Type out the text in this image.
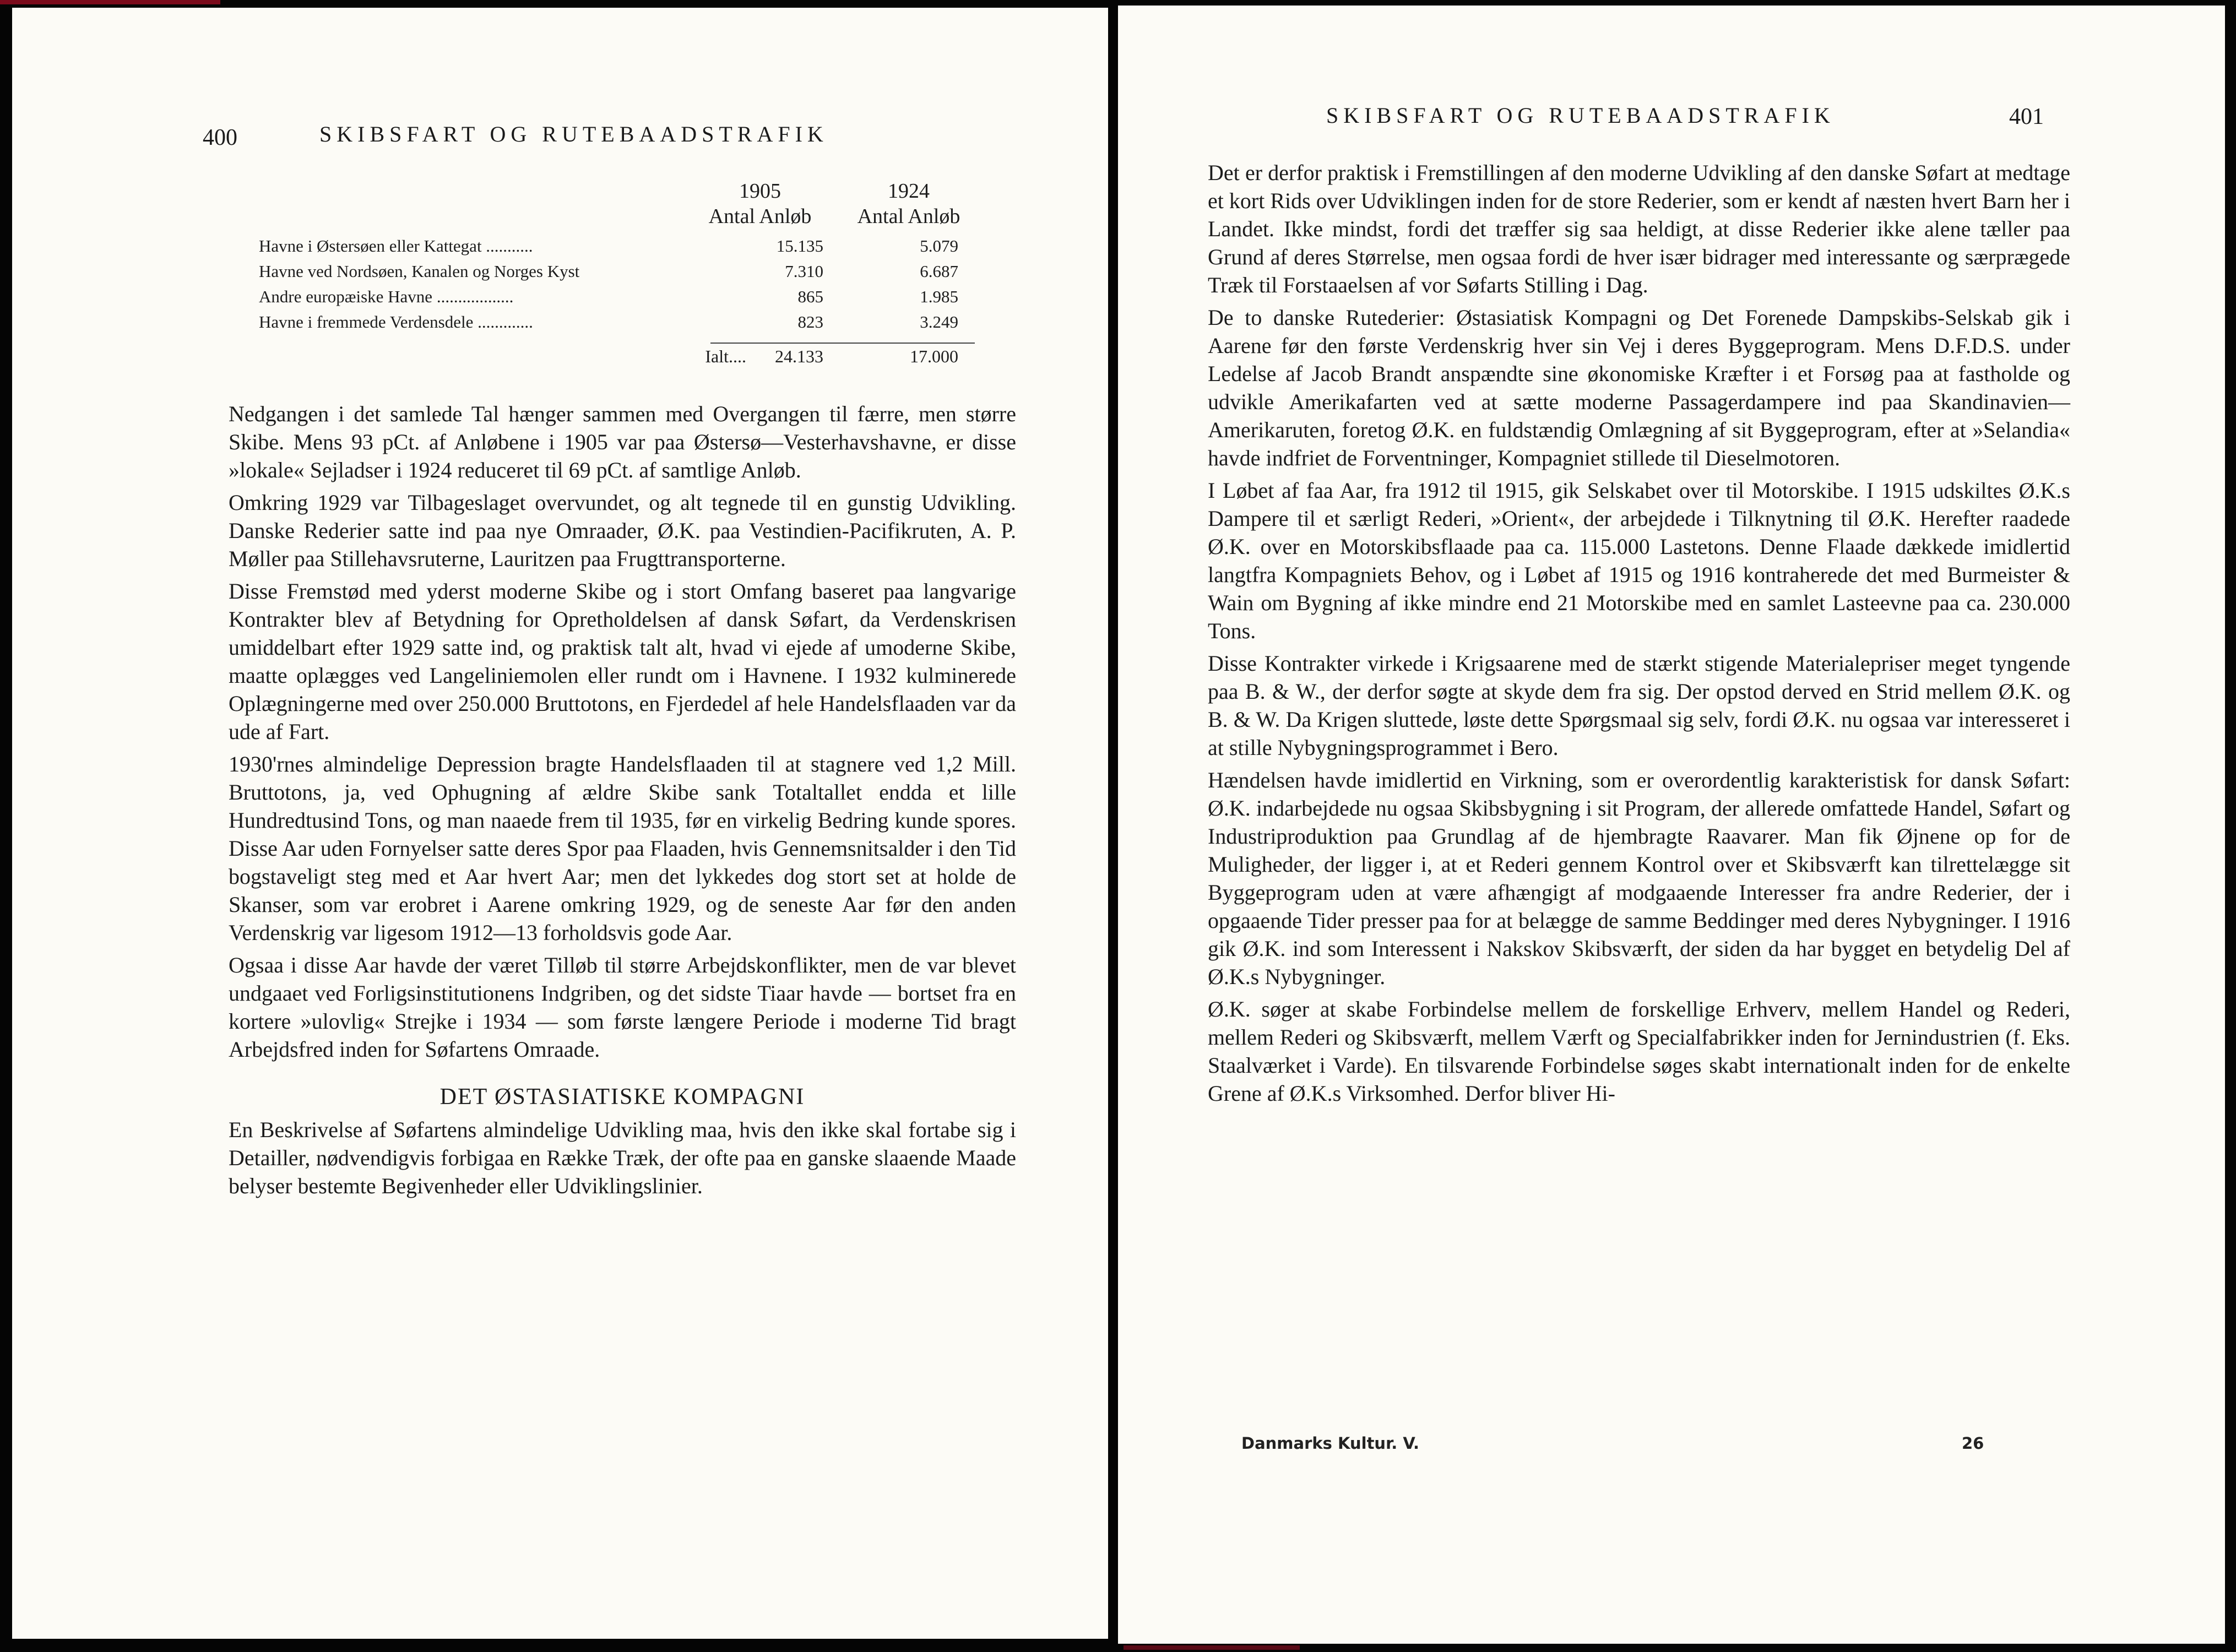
400	SKIBSFART OG RUTEBAADSTRAFIK
1905
Antal Anløb
1924
Antal Anløb
Havne i Østersøen eller Kattegat ...........	15.135	5.079
Havne ved Nordsøen, Kanalen og Norges Kyst	7.310	6.687
Andre europæiske Havne ..................	865	1.985
Havne i fremmede Verdensdele .............	823	3.249
Ialt.... 24.133	17.000

Nedgangen i det samlede Tal hænger sammen med Overgangen til færre, men større Skibe. Mens 93 pCt. af Anløbene i 1905 var paa Østersø—Vesterhavshavne, er disse »lokale« Sejladser i 1924 reduceret til 69 pCt. af samtlige Anløb.

Omkring 1929 var Tilbageslaget overvundet, og alt tegnede til en gunstig Udvikling. Danske Rederier satte ind paa nye Omraader, Ø.K. paa Vestindien-Pacifikruten, A. P. Møller paa Stillehavsruterne, Lauritzen paa Frugttransporterne.

Disse Fremstød med yderst moderne Skibe og i stort Omfang baseret paa langvarige Kontrakter blev af Betydning for Opretholdelsen af dansk Søfart, da Verdenskrisen umiddelbart efter 1929 satte ind, og praktisk talt alt, hvad vi ejede af umoderne Skibe, maatte oplægges ved Langeliniemolen eller rundt om i Havnene. I 1932 kulminerede Oplægningerne med over 250.000 Bruttotons, en Fjerdedel af hele Handelsflaaden var da ude af Fart.

1930'rnes almindelige Depression bragte Handelsflaaden til at stagnere ved 1,2 Mill. Bruttotons, ja, ved Ophugning af ældre Skibe sank Totaltallet endda et lille Hundredtusind Tons, og man naaede frem til 1935, før en virkelig Bedring kunde spores. Disse Aar uden Fornyelser satte deres Spor paa Flaaden, hvis Gennemsnitsalder i den Tid bogstaveligt steg med et Aar hvert Aar; men det lykkedes dog stort set at holde de Skanser, som var erobret i Aarene omkring 1929, og de seneste Aar før den anden Verdenskrig var ligesom 1912—13 forholdsvis gode Aar.

Ogsaa i disse Aar havde der været Tilløb til større Arbejdskonflikter, men de var blevet undgaaet ved Forligsinstitutionens Indgriben, og det sidste Tiaar havde — bortset fra en kortere »ulovlig« Strejke i 1934 — som første længere Periode i moderne Tid bragt Arbejdsfred inden for Søfartens Omraade.

DET ØSTASIATISKE KOMPAGNI

En Beskrivelse af Søfartens almindelige Udvikling maa, hvis den ikke skal fortabe sig i Detailler, nødvendigvis forbigaa en Række Træk, der ofte paa en ganske slaaende Maade belyser bestemte Begivenheder eller Udviklingslinier.

SKIBSFART OG RUTEBAADSTRAFIK	401

Det er derfor praktisk i Fremstillingen af den moderne Udvikling af den danske Søfart at medtage et kort Rids over Udviklingen inden for de store Rederier, som er kendt af næsten hvert Barn her i Landet. Ikke mindst, fordi det træffer sig saa heldigt, at disse Rederier ikke alene tæller paa Grund af deres Størrelse, men ogsaa fordi de hver især bidrager med interessante og særprægede Træk til Forstaaelsen af vor Søfarts Stilling i Dag.

De to danske Rutederier: Østasiatisk Kompagni og Det Forenede Dampskibs-Selskab gik i Aarene før den første Verdenskrig hver sin Vej i deres Byggeprogram. Mens D.F.D.S. under Ledelse af Jacob Brandt anspændte sine økonomiske Kræfter i et Forsøg paa at fastholde og udvikle Amerikafarten ved at sætte moderne Passagerdampere ind paa Skandinavien—Amerikaruten, foretog Ø.K. en fuldstændig Omlægning af sit Byggeprogram, efter at »Selandia« havde indfriet de Forventninger, Kompagniet stillede til Dieselmotoren.

I Løbet af faa Aar, fra 1912 til 1915, gik Selskabet over til Motorskibe. I 1915 udskiltes Ø.K.s Dampere til et særligt Rederi, »Orient«, der arbejdede i Tilknytning til Ø.K. Herefter raadede Ø.K. over en Motorskibsflaade paa ca. 115.000 Lastetons. Denne Flaade dækkede imidlertid langtfra Kompagniets Behov, og i Løbet af 1915 og 1916 kontraherede det med Burmeister & Wain om Bygning af ikke mindre end 21 Motorskibe med en samlet Lasteevne paa ca. 230.000 Tons.

Disse Kontrakter virkede i Krigsaarene med de stærkt stigende Materialepriser meget tyngende paa B. & W., der derfor søgte at skyde dem fra sig. Der opstod derved en Strid mellem Ø.K. og B. & W. Da Krigen sluttede, løste dette Spørgsmaal sig selv, fordi Ø.K. nu ogsaa var interesseret i at stille Nybygningsprogrammet i Bero.

Hændelsen havde imidlertid en Virkning, som er overordentlig karakteristisk for dansk Søfart: Ø.K. indarbejdede nu ogsaa Skibsbygning i sit Program, der allerede omfattede Handel, Søfart og Industriproduktion paa Grundlag af de hjembragte Raavarer. Man fik Øjnene op for de Muligheder, der ligger i, at et Rederi gennem Kontrol over et Skibsværft kan tilrettelægge sit Byggeprogram uden at være afhængigt af modgaaende Interesser fra andre Rederier, der i opgaaende Tider presser paa for at belægge de samme Beddinger med deres Nybygninger. I 1916 gik Ø.K. ind som Interessent i Nakskov Skibsværft, der siden da har bygget en betydelig Del af Ø.K.s Nybygninger.

Ø.K. søger at skabe Forbindelse mellem de forskellige Erhverv, mellem Handel og Rederi, mellem Rederi og Skibsværft, mellem Værft og Specialfabrikker inden for Jernindustrien (f. Eks. Staalværket i Varde). En tilsvarende Forbindelse søges skabt internationalt inden for de enkelte Grene af Ø.K.s Virksomhed. Derfor bliver Hi-

Danmarks Kultur. V.	26
